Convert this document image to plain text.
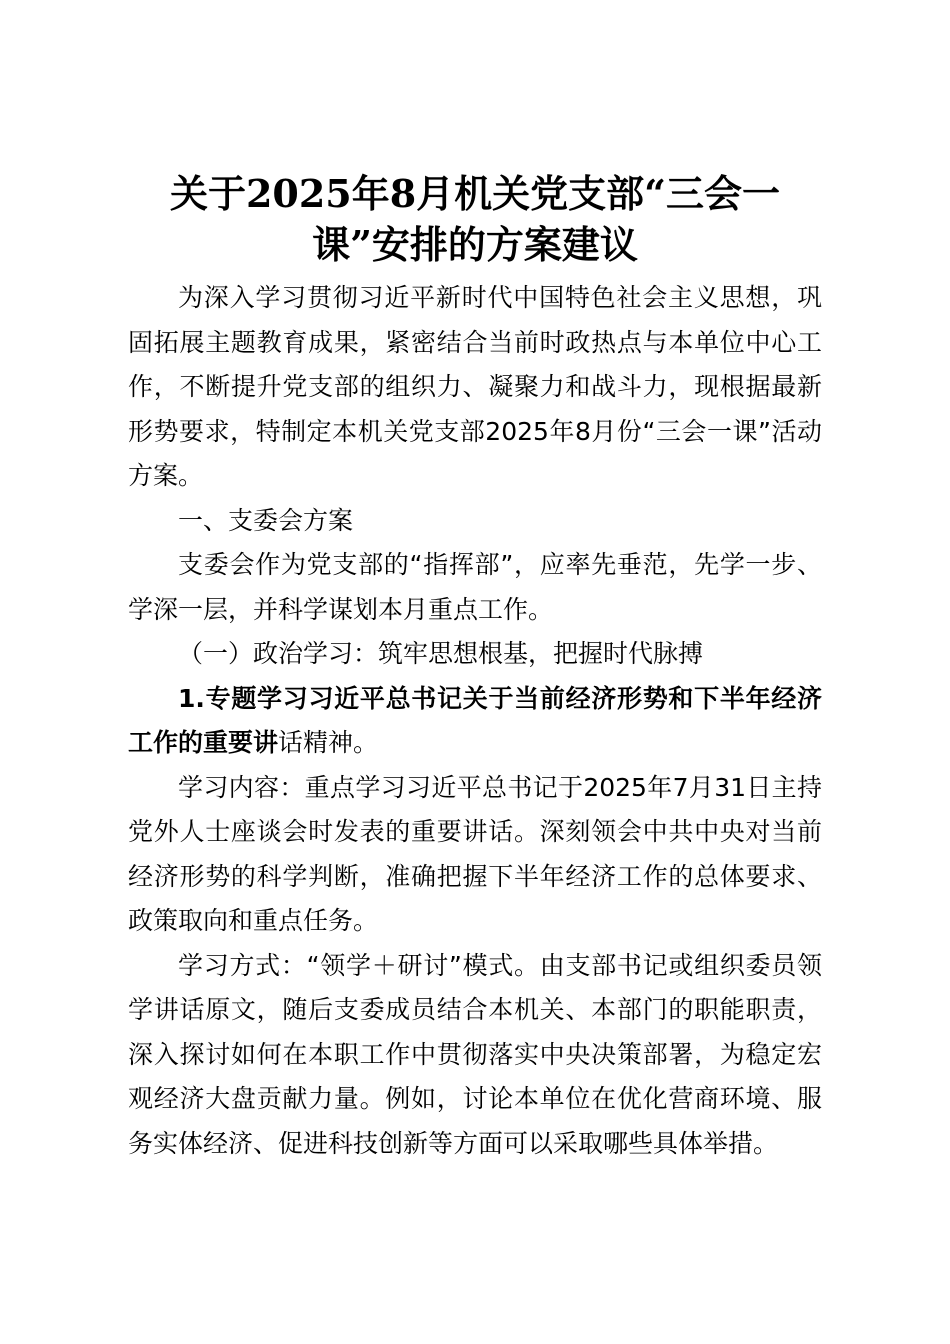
关于2025年8月机关党支部“三会一
课”安排的方案建议

为深入学习贯彻习近平新时代中国特色社会主义思想，巩固拓展主题教育成果，紧密结合当前时政热点与本单位中心工作，不断提升党支部的组织力、凝聚力和战斗力，现根据最新形势要求，特制定本机关党支部2025年8月份“三会一课”活动方案。

一、支委会方案

支委会作为党支部的“指挥部”，应率先垂范，先学一步、学深一层，并科学谋划本月重点工作。

（一）政治学习：筑牢思想根基，把握时代脉搏

1.专题学习习近平总书记关于当前经济形势和下半年经济工作的重要讲话精神。

学习内容：重点学习习近平总书记于2025年7月31日主持党外人士座谈会时发表的重要讲话。深刻领会中共中央对当前经济形势的科学判断，准确把握下半年经济工作的总体要求、政策取向和重点任务。

学习方式：“领学＋研讨”模式。由支部书记或组织委员领学讲话原文，随后支委成员结合本机关、本部门的职能职责，深入探讨如何在本职工作中贯彻落实中央决策部署，为稳定宏观经济大盘贡献力量。例如，讨论本单位在优化营商环境、服务实体经济、促进科技创新等方面可以采取哪些具体举措。
